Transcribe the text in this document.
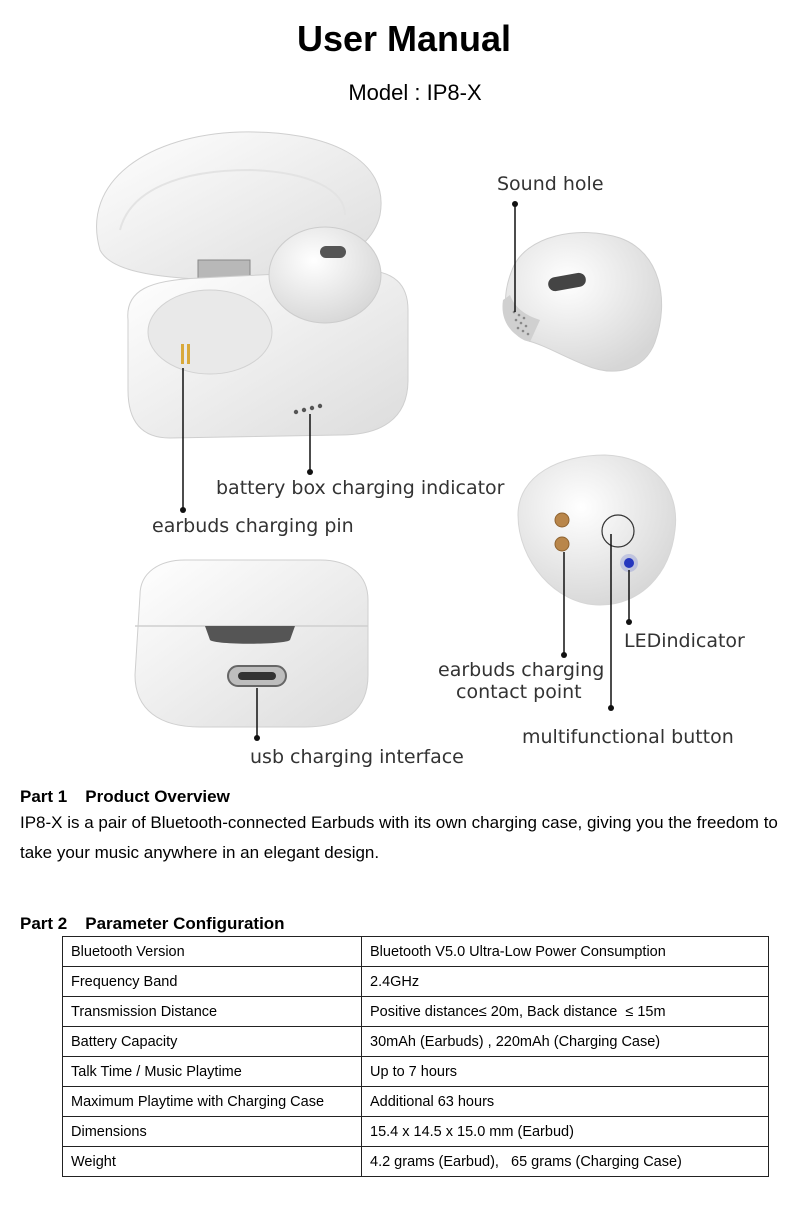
User Manual
Model : IP8-X
battery box charging indicator
earbuds charging pin
Sound hole
LEDindicator
earbuds charging
contact point
multifunctional button
usb charging interface
Part 1 Product Overview
IP8-X is a pair of Bluetooth-connected Earbuds with its own charging case, giving you the freedom to take your music anywhere in an elegant design.
Part 2 Parameter Configuration
Bluetooth Version	Bluetooth V5.0 Ultra-Low Power Consumption
Frequency Band	2.4GHz
Transmission Distance	Positive distance≤ 20m, Back distance  ≤ 15m
Battery Capacity	30mAh (Earbuds) , 220mAh (Charging Case)
Talk Time / Music Playtime	Up to 7 hours
Maximum Playtime with Charging Case	Additional 63 hours
Dimensions	15.4 x 14.5 x 15.0 mm (Earbud)
Weight	4.2 grams (Earbud),   65 grams (Charging Case)
